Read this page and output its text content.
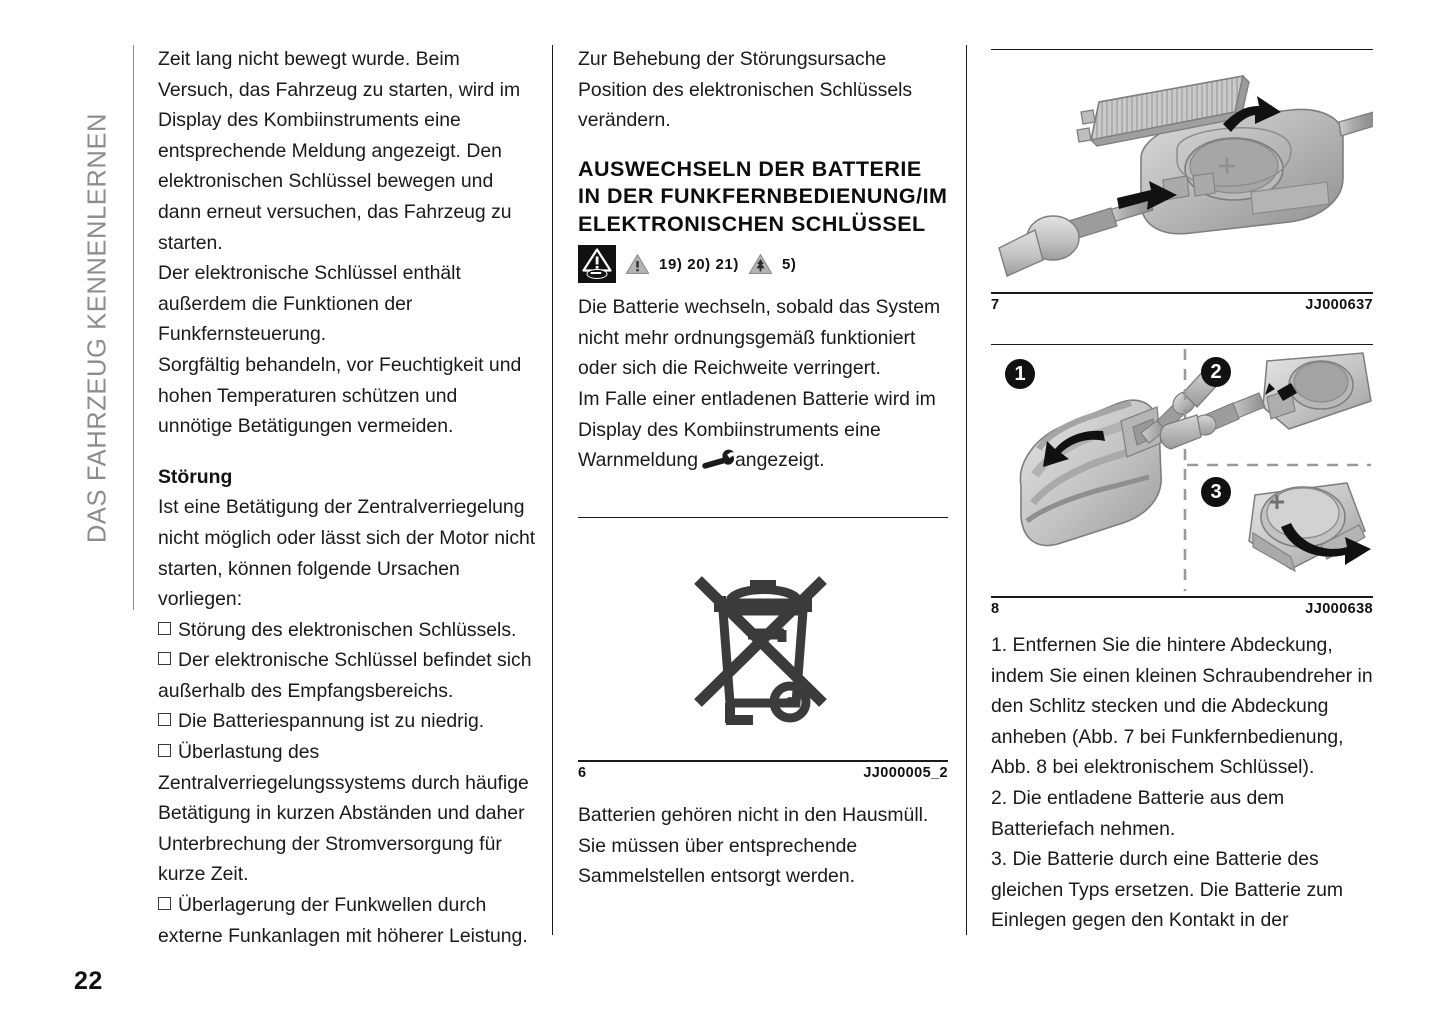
DAS FAHRZEUG KENNENLERNEN

Zeit lang nicht bewegt wurde. Beim Versuch, das Fahrzeug zu starten, wird im Display des Kombiinstruments eine entsprechende Meldung angezeigt. Den elektronischen Schlüssel bewegen und dann erneut versuchen, das Fahrzeug zu starten.

Der elektronische Schlüssel enthält außerdem die Funktionen der Funkfernsteuerung.

Sorgfältig behandeln, vor Feuchtigkeit und hohen Temperaturen schützen und unnötige Betätigungen vermeiden.

Störung

Ist eine Betätigung der Zentralverriegelung nicht möglich oder lässt sich der Motor nicht starten, können folgende Ursachen vorliegen:

Störung des elektronischen Schlüssels.
Der elektronische Schlüssel befindet sich außerhalb des Empfangsbereichs.
Die Batteriespannung ist zu niedrig.
Überlastung des Zentralverriegelungssystems durch häufige Betätigung in kurzen Abständen und daher Unterbrechung der Stromversorgung für kurze Zeit.
Überlagerung der Funkwellen durch externe Funkanlagen mit höherer Leistung.

Zur Behebung der Störungsursache Position des elektronischen Schlüssels verändern.

AUSWECHSELN DER BATTERIE IN DER FUNKFERNBEDIENUNG/IM ELEKTRONISCHEN SCHLÜSSEL
19) 20) 21)	5)

Die Batterie wechseln, sobald das System nicht mehr ordnungsgemäß funktioniert oder sich die Reichweite verringert.

Im Falle einer entladenen Batterie wird im Display des Kombiinstruments eine Warnmeldung angezeigt.

6	JJ000005_2

Batterien gehören nicht in den Hausmüll. Sie müssen über entsprechende Sammelstellen entsorgt werden.

7	JJ000637
1	2
3
8	JJ000638

1. Entfernen Sie die hintere Abdeckung, indem Sie einen kleinen Schraubendreher in den Schlitz stecken und die Abdeckung anheben (Abb. 7 bei Funkfernbedienung, Abb. 8 bei elektronischem Schlüssel).

2. Die entladene Batterie aus dem Batteriefach nehmen.

3. Die Batterie durch eine Batterie des gleichen Typs ersetzen. Die Batterie zum Einlegen gegen den Kontakt in der

22
